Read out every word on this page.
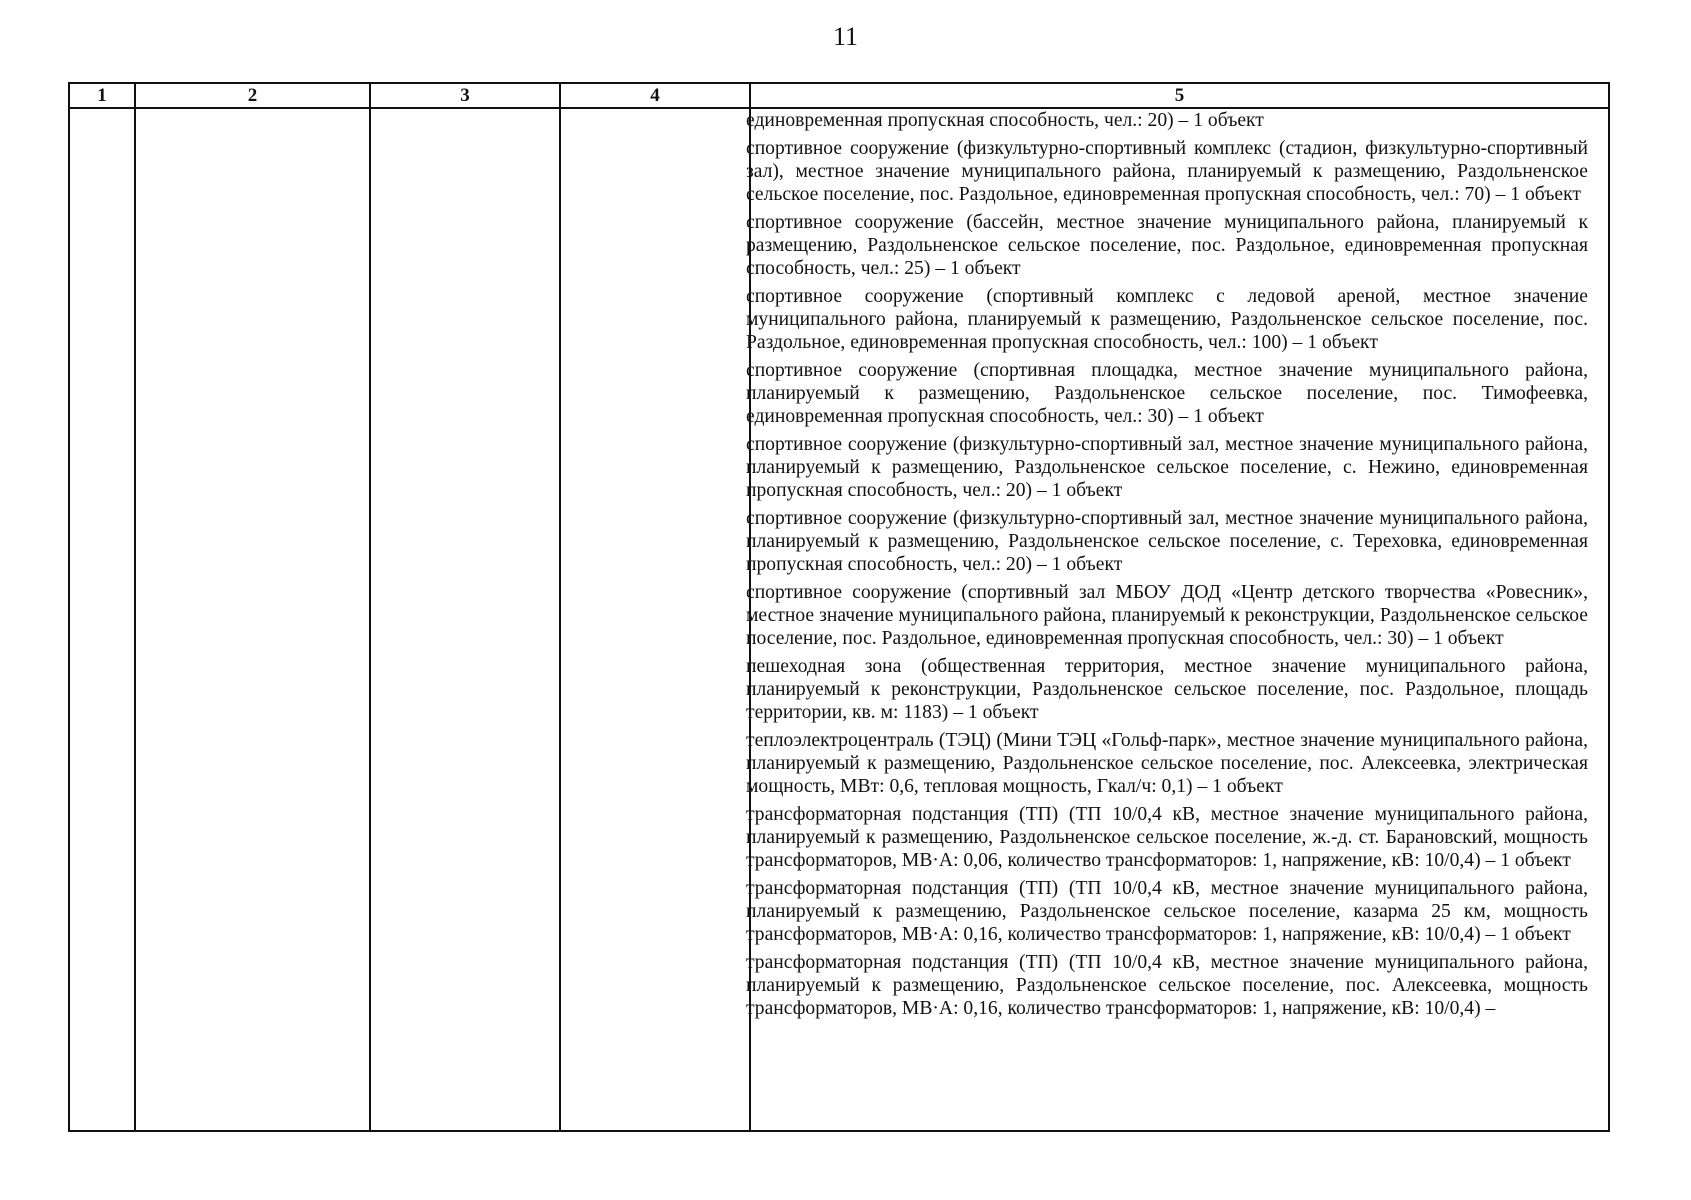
11
1	2	3	4	5

единовременная пропускная способность, чел.: 20) – 1 объект

спортивное сооружение (физкультурно-спортивный комплекс (стадион, физкультурно-спортивный зал), местное значение муниципального района, планируемый к размещению, Раздольненское сельское поселение, пос. Раздольное, единовременная пропускная способность, чел.: 70) – 1 объект

спортивное сооружение (бассейн, местное значение муниципального района, планируемый к размещению, Раздольненское сельское поселение, пос. Раздольное, единовременная пропускная способность, чел.: 25) – 1 объект

спортивное сооружение (спортивный комплекс с ледовой ареной, местное значение муниципального района, планируемый к размещению, Раздольненское сельское поселение, пос. Раздольное, единовременная пропускная способность, чел.: 100) – 1 объект

спортивное сооружение (спортивная площадка, местное значение муниципального района, планируемый к размещению, Раздольненское сельское поселение, пос. Тимофеевка, единовременная пропускная способность, чел.: 30) – 1 объект

спортивное сооружение (физкультурно-спортивный зал, местное значение муниципального района, планируемый к размещению, Раздольненское сельское поселение, с. Нежино, единовременная пропускная способность, чел.: 20) – 1 объект

спортивное сооружение (физкультурно-спортивный зал, местное значение муниципального района, планируемый к размещению, Раздольненское сельское поселение, с. Тереховка, единовременная пропускная способность, чел.: 20) – 1 объект

спортивное сооружение (спортивный зал МБОУ ДОД «Центр детского творчества «Ровесник», местное значение муниципального района, планируемый к реконструкции, Раздольненское сельское поселение, пос. Раздольное, единовременная пропускная способность, чел.: 30) – 1 объект

пешеходная зона (общественная территория, местное значение муниципального района, планируемый к реконструкции, Раздольненское сельское поселение, пос. Раздольное, площадь территории, кв. м: 1183) – 1 объект

теплоэлектроцентраль (ТЭЦ) (Мини ТЭЦ «Гольф-парк», местное значение муниципального района, планируемый к размещению, Раздольненское сельское поселение, пос. Алексеевка, электрическая мощность, МВт: 0,6, тепловая мощность, Гкал/ч: 0,1) – 1 объект

трансформаторная подстанция (ТП) (ТП 10/0,4 кВ, местное значение муниципального района, планируемый к размещению, Раздольненское сельское поселение, ж.-д. ст. Барановский, мощность трансформаторов, МВ·А: 0,06, количество трансформаторов: 1, напряжение, кВ: 10/0,4) – 1 объект

трансформаторная подстанция (ТП) (ТП 10/0,4 кВ, местное значение муниципального района, планируемый к размещению, Раздольненское сельское поселение, казарма 25 км, мощность трансформаторов, МВ·А: 0,16, количество трансформаторов: 1, напряжение, кВ: 10/0,4) – 1 объект

трансформаторная подстанция (ТП) (ТП 10/0,4 кВ, местное значение муниципального района, планируемый к размещению, Раздольненское сельское поселение, пос. Алексеевка, мощность трансформаторов, МВ·А: 0,16, количество трансформаторов: 1, напряжение, кВ: 10/0,4) –
